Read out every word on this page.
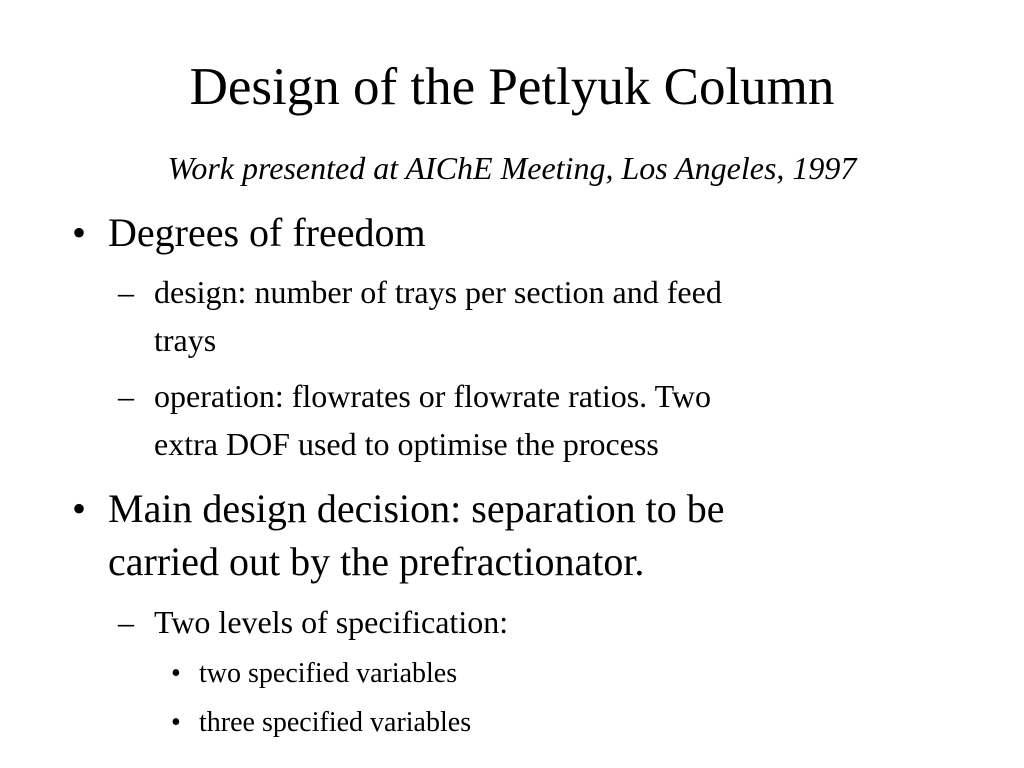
Design of the Petlyuk Column
Work presented at AIChE Meeting, Los Angeles, 1997
• Degrees of freedom
– design: number of trays per section and feed
trays
– operation: flowrates or flowrate ratios. Two
extra DOF used to optimise the process
• Main design decision: separation to be
carried out by the prefractionator.
– Two levels of specification:
• two specified variables
• three specified variables
